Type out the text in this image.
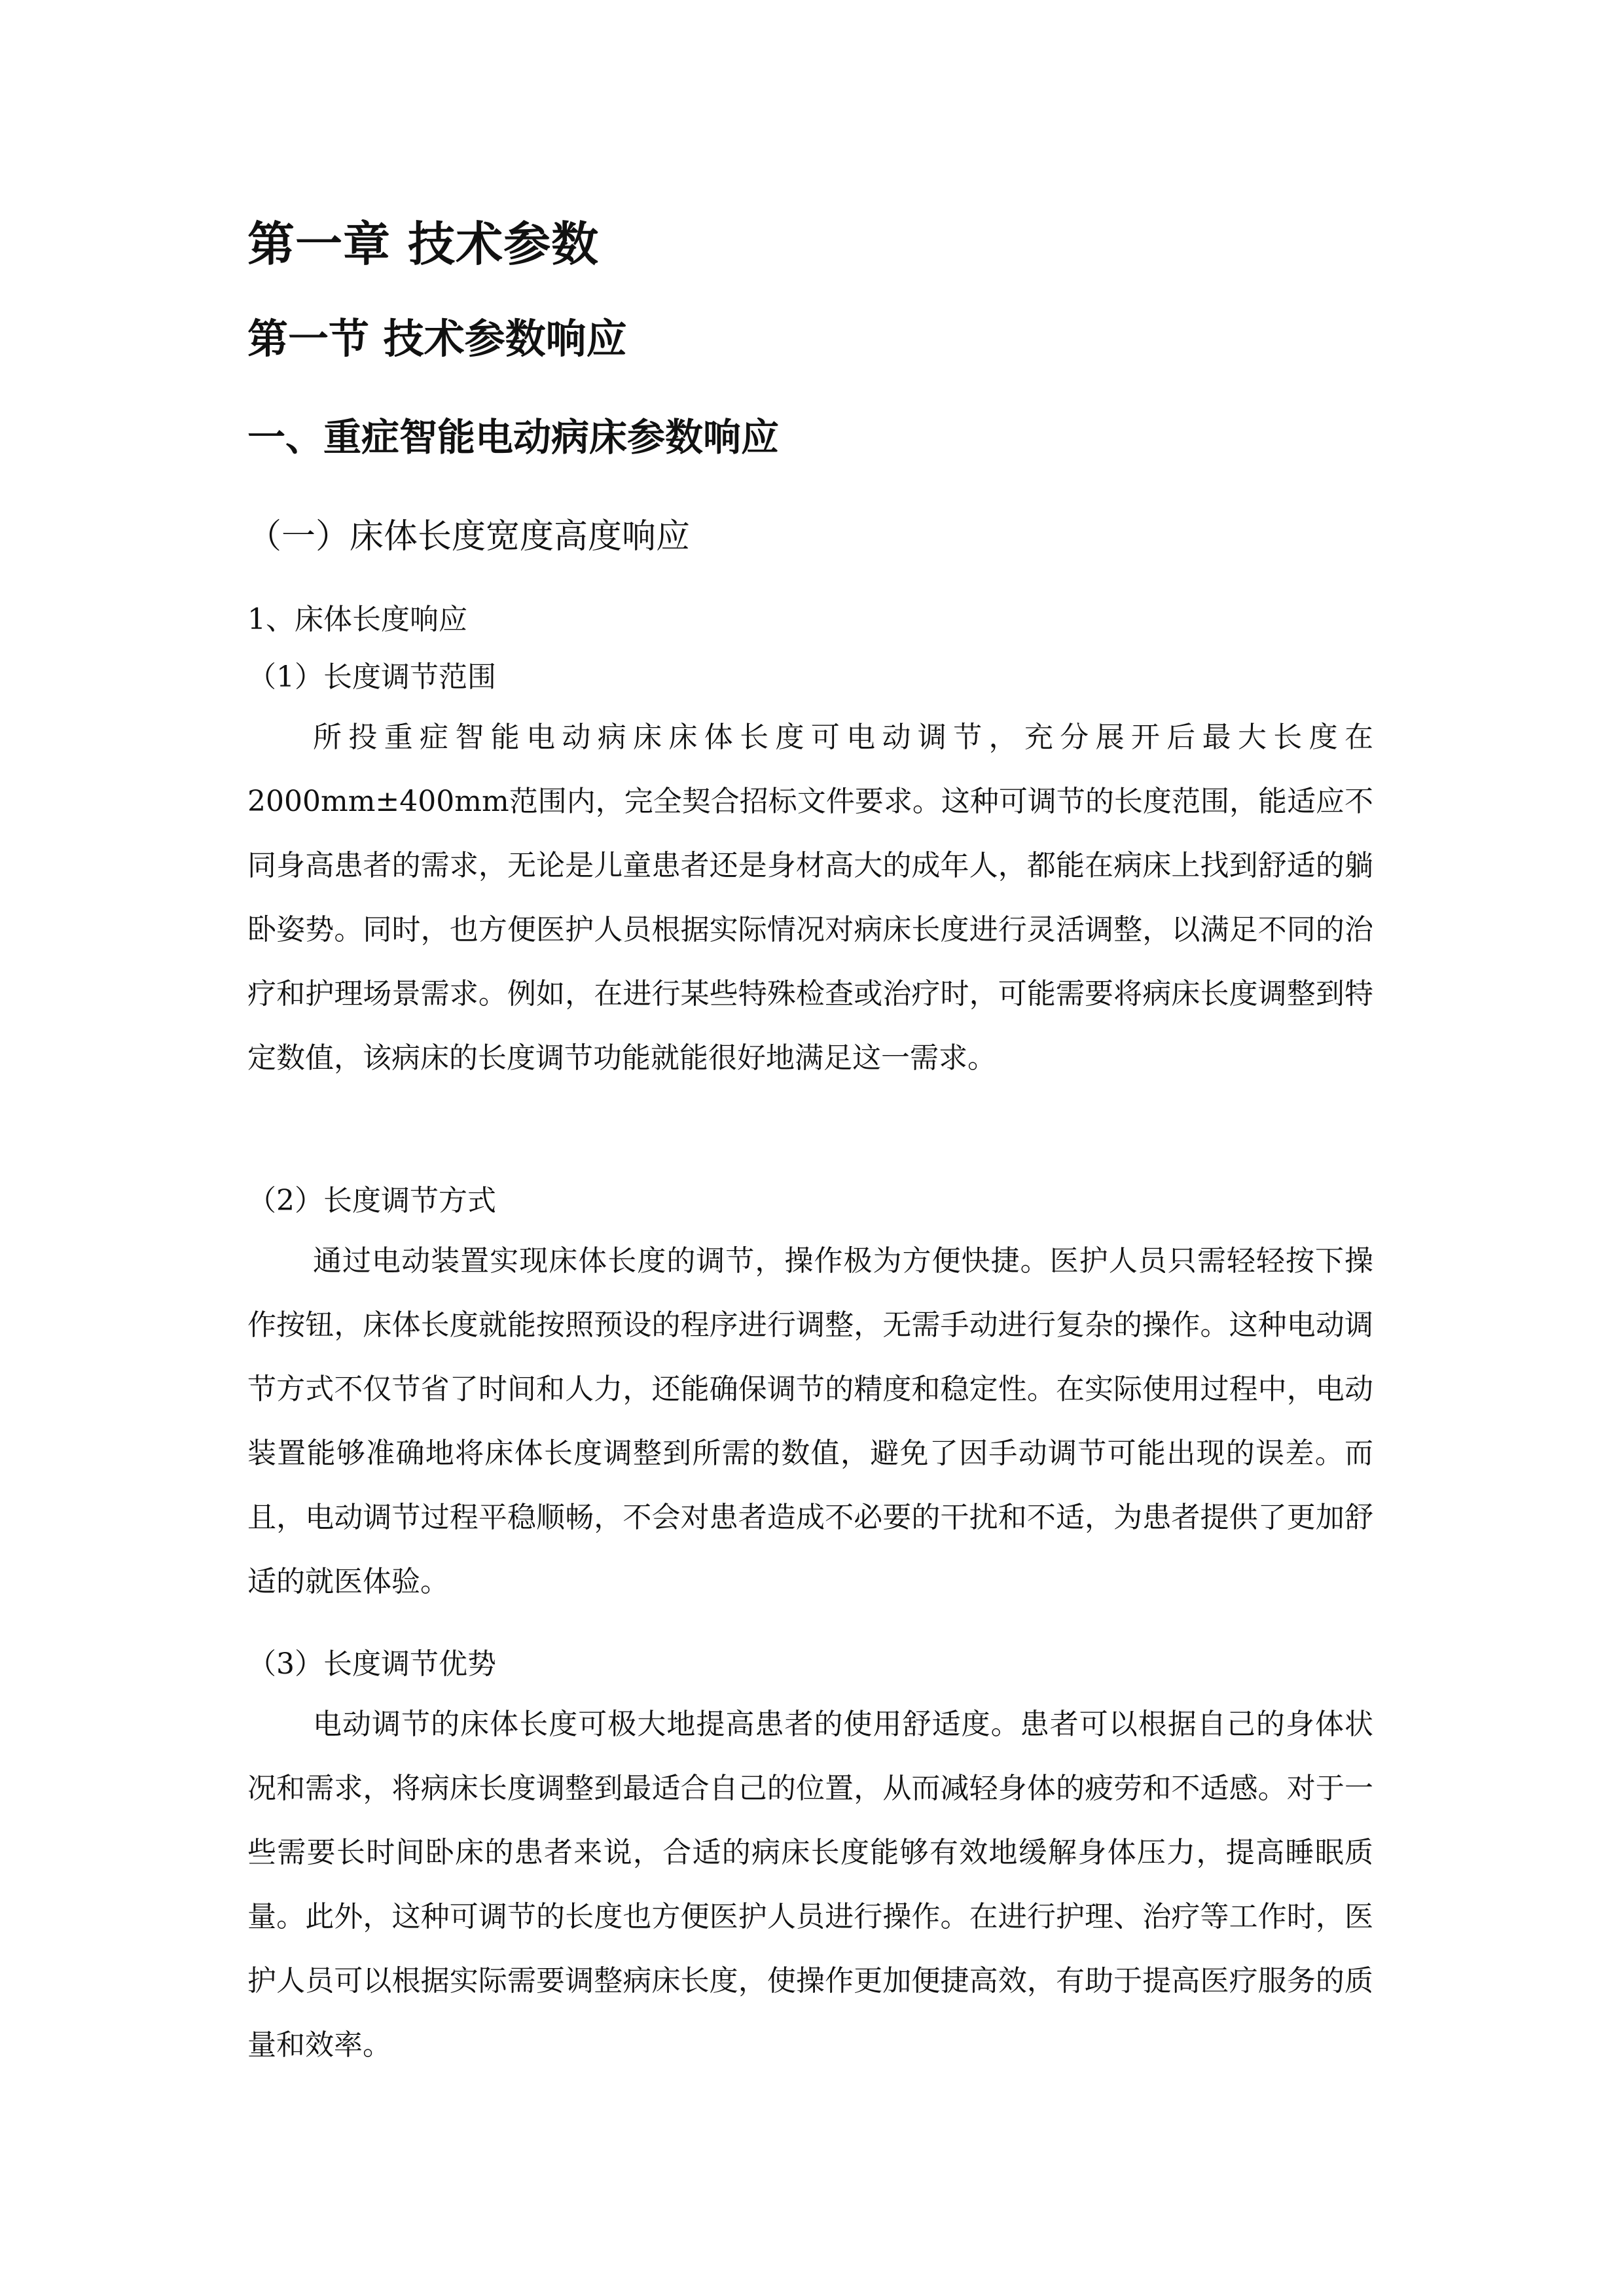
第一章 技术参数
第一节 技术参数响应
一、重症智能电动病床参数响应
（一）床体长度宽度高度响应
1、床体长度响应
（1）长度调节范围

所投重症智能电动病床床体长度可电动调节，充分展开后最大长度在2000mm±400mm范围内，完全契合招标文件要求。这种可调节的长度范围，能适应不同身高患者的需求，无论是儿童患者还是身材高大的成年人，都能在病床上找到舒适的躺卧姿势。同时，也方便医护人员根据实际情况对病床长度进行灵活调整，以满足不同的治疗和护理场景需求。例如，在进行某些特殊检查或治疗时，可能需要将病床长度调整到特定数值，该病床的长度调节功能就能很好地满足这一需求。

（2）长度调节方式

通过电动装置实现床体长度的调节，操作极为方便快捷。医护人员只需轻轻按下操作按钮，床体长度就能按照预设的程序进行调整，无需手动进行复杂的操作。这种电动调节方式不仅节省了时间和人力，还能确保调节的精度和稳定性。在实际使用过程中，电动装置能够准确地将床体长度调整到所需的数值，避免了因手动调节可能出现的误差。而且，电动调节过程平稳顺畅，不会对患者造成不必要的干扰和不适，为患者提供了更加舒适的就医体验。

（3）长度调节优势

电动调节的床体长度可极大地提高患者的使用舒适度。患者可以根据自己的身体状况和需求，将病床长度调整到最适合自己的位置，从而减轻身体的疲劳和不适感。对于一些需要长时间卧床的患者来说，合适的病床长度能够有效地缓解身体压力，提高睡眠质量。此外，这种可调节的长度也方便医护人员进行操作。在进行护理、治疗等工作时，医护人员可以根据实际需要调整病床长度，使操作更加便捷高效，有助于提高医疗服务的质量和效率。
